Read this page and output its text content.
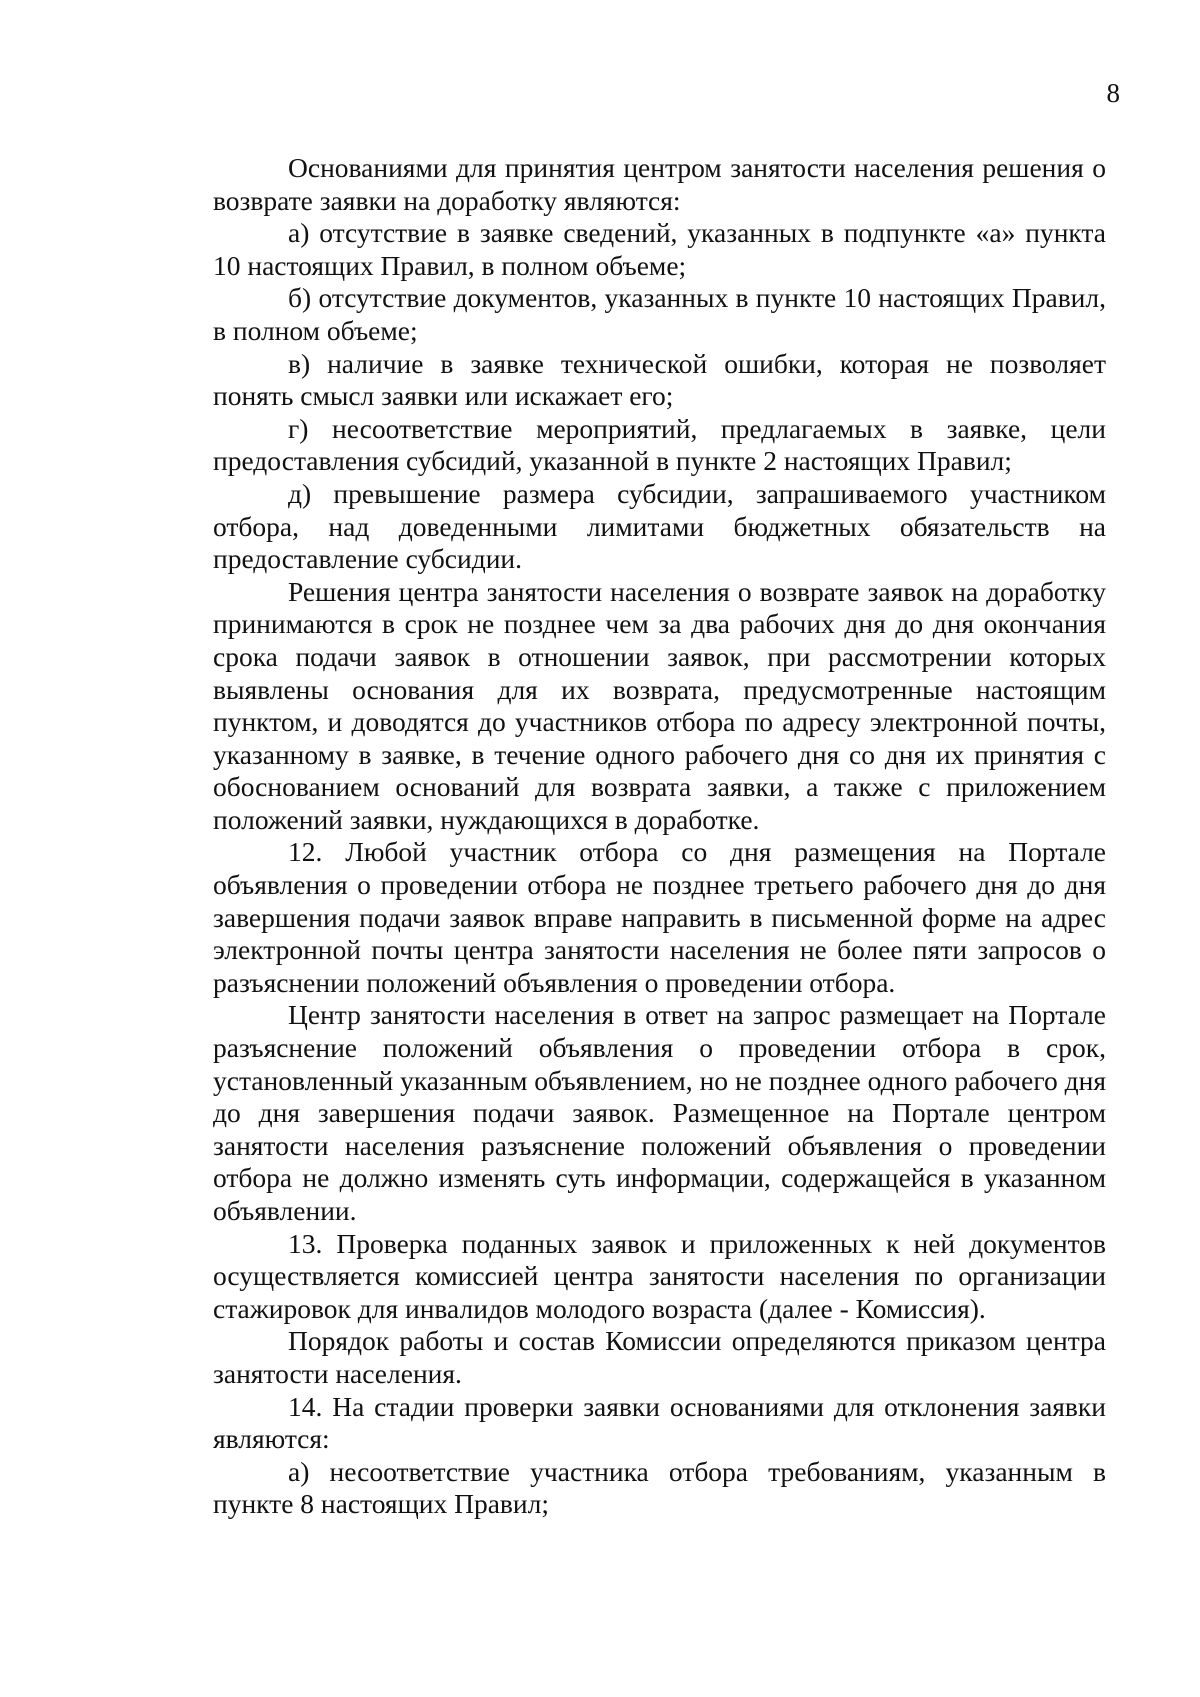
8

Основаниями для принятия центром занятости населения решения о возврате заявки на доработку являются:

а) отсутствие в заявке сведений, указанных в подпункте «а» пункта 10 настоящих Правил, в полном объеме;

б) отсутствие документов, указанных в пункте 10 настоящих Правил, в полном объеме;

в) наличие в заявке технической ошибки, которая не позволяет понять смысл заявки или искажает его;

г) несоответствие мероприятий, предлагаемых в заявке, цели предоставления субсидий, указанной в пункте 2 настоящих Правил;

д) превышение размера субсидии, запрашиваемого участником отбора, над доведенными лимитами бюджетных обязательств на предоставление субсидии.

Решения центра занятости населения о возврате заявок на доработку принимаются в срок не позднее чем за два рабочих дня до дня окончания срока подачи заявок в отношении заявок, при рассмотрении которых выявлены основания для их возврата, предусмотренные настоящим пунктом, и доводятся до участников отбора по адресу электронной почты, указанному в заявке, в течение одного рабочего дня со дня их принятия с обоснованием оснований для возврата заявки, а также с приложением положений заявки, нуждающихся в доработке.

12. Любой участник отбора со дня размещения на Портале объявления о проведении отбора не позднее третьего рабочего дня до дня завершения подачи заявок вправе направить в письменной форме на адрес электронной почты центра занятости населения не более пяти запросов о разъяснении положений объявления о проведении отбора.

Центр занятости населения в ответ на запрос размещает на Портале разъяснение положений объявления о проведении отбора в срок, установленный указанным объявлением, но не позднее одного рабочего дня до дня завершения подачи заявок. Размещенное на Портале центром занятости населения разъяснение положений объявления о проведении отбора не должно изменять суть информации, содержащейся в указанном объявлении.

13. Проверка поданных заявок и приложенных к ней документов осуществляется комиссией центра занятости населения по организации стажировок для инвалидов молодого возраста (далее - Комиссия).

Порядок работы и состав Комиссии определяются приказом центра занятости населения.

14. На стадии проверки заявки основаниями для отклонения заявки являются:

а) несоответствие участника отбора требованиям, указанным в пункте 8 настоящих Правил;
